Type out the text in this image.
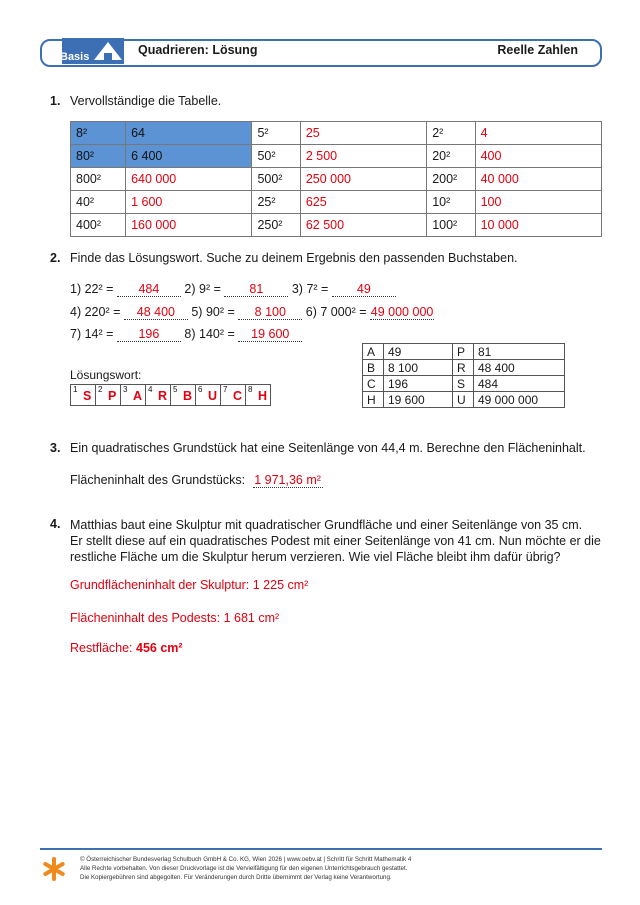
Basis	Quadrieren: Lösung	Reelle Zahlen
1. Vervollständige die Tabelle.
8²	64	5²	25	2²	4
80²	6 400	50²	2 500	20²	400
800²	640 000	500²	250 000	200²	40 000
40²	1 600	25²	625	10²	100
400²	160 000	250²	62 500	100²	10 000
2. Finde das Lösungswort. Suche zu deinem Ergebnis den passenden Buchstaben.
1) 22² = 484 2) 9² = 81 3) 7² = 49
4) 220² = 48 400 5) 90² = 8 100 6) 7 000² = 49 000 000
7) 14² = 196 8) 140² = 19 600
A	49	P	81
B	8 100	R	48 400
C	196	S	484
H	19 600	U	49 000 000
Lösungswort:
1 S	2 P	3 A	4 R	5 B	6 U	7 C	8 H
3. Ein quadratisches Grundstück hat eine Seitenlänge von 44,4 m. Berechne den Flächeninhalt.
Flächeninhalt des Grundstücks: 1 971,36 m²
4. Matthias baut eine Skulptur mit quadratischer Grundfläche und einer Seitenlänge von 35 cm.
Er stellt diese auf ein quadratisches Podest mit einer Seitenlänge von 41 cm. Nun möchte er die
restliche Fläche um die Skulptur herum verzieren. Wie viel Fläche bleibt ihm dafür übrig?
Grundflächeninhalt der Skulptur: 1 225 cm²
Flächeninhalt des Podests: 1 681 cm²
Restfläche: 456 cm²
© Österreichischer Bundesverlag Schulbuch GmbH & Co. KG, Wien 2026 | www.oebv.at | Schritt für Schritt Mathematik 4
Alle Rechte vorbehalten. Von dieser Druckvorlage ist die Vervielfältigung für den eigenen Unterrichtsgebrauch gestattet.
Die Kopiergebühren sind abgegolten. Für Veränderungen durch Dritte übernimmt der Verlag keine Verantwortung.
